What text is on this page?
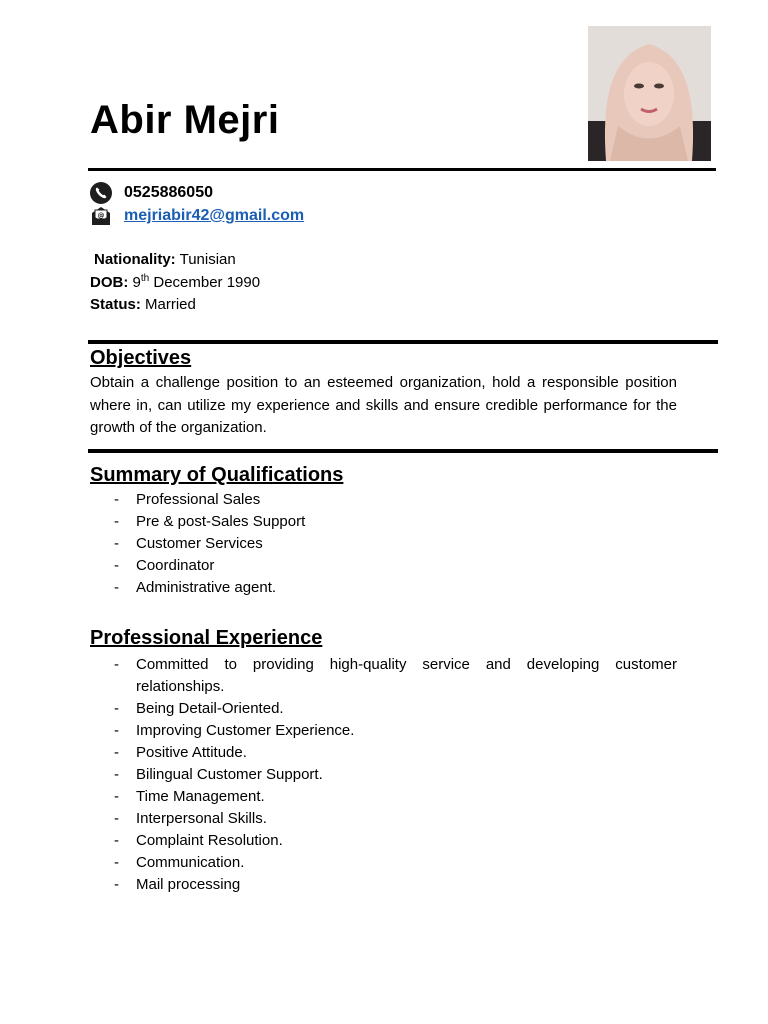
Abir Mejri
0525886050
@ mejriabir42@gmail.com
Nationality: Tunisian
DOB: 9th December 1990
Status: Married
Objectives
Obtain a challenge position to an esteemed organization, hold a responsible position where in, can utilize my experience and skills and ensure credible performance for the growth of the organization.
Summary of Qualifications
- Professional Sales
- Pre & post-Sales Support
- Customer Services
- Coordinator
- Administrative agent.
Professional Experience
- Committed to providing high-quality service and developing customer relationships.
- Being Detail-Oriented.
- Improving Customer Experience.
- Positive Attitude.
- Bilingual Customer Support.
- Time Management.
- Interpersonal Skills.
- Complaint Resolution.
- Communication.
- Mail processing
